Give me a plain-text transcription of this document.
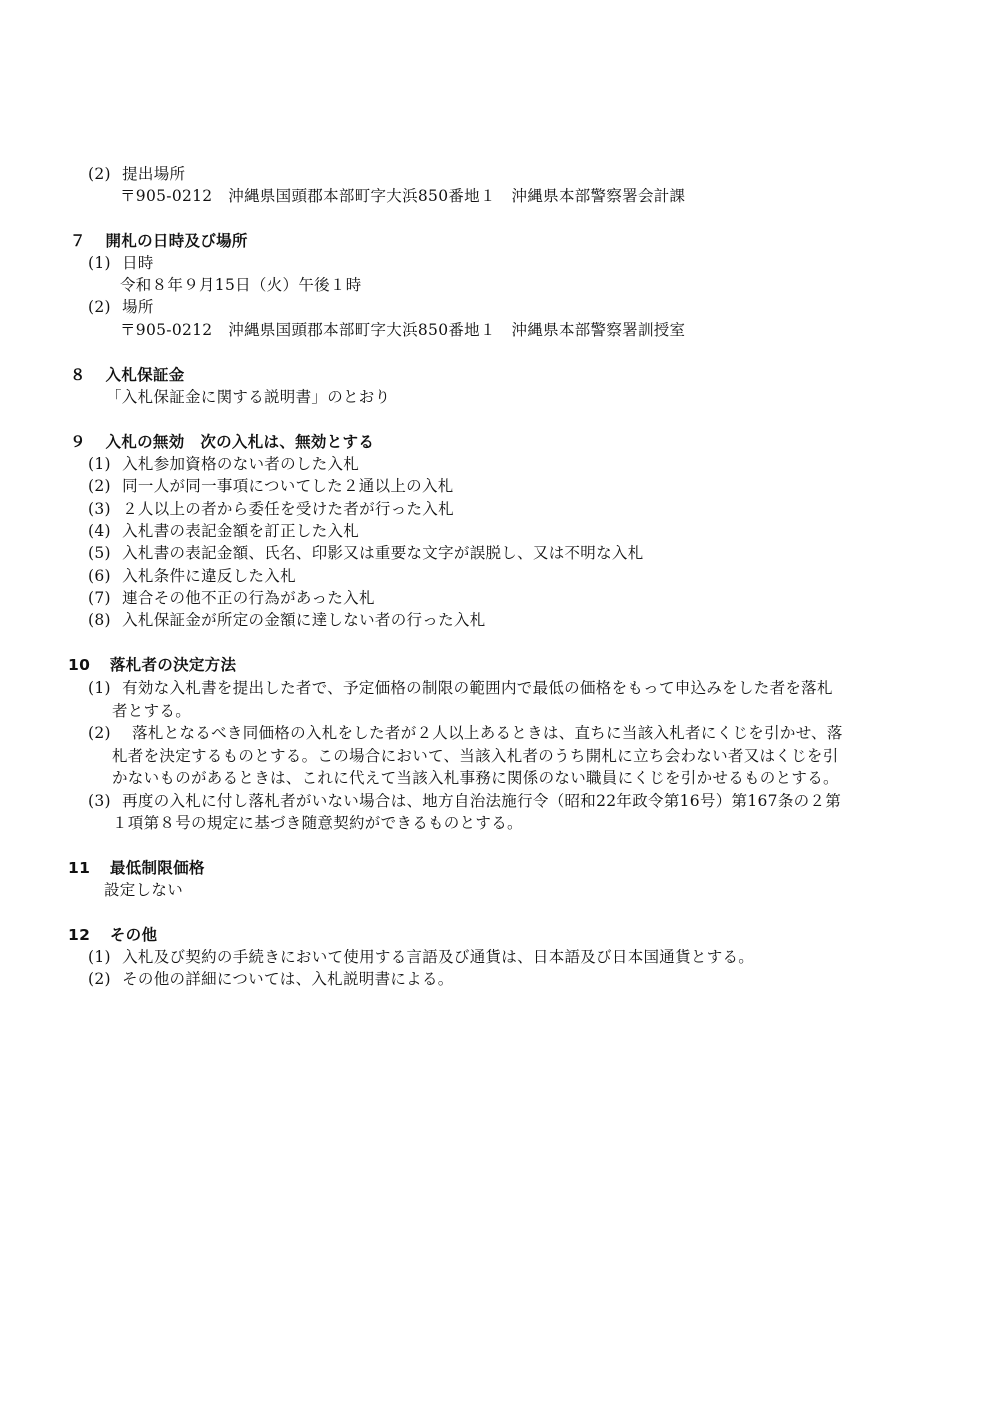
(2) 提出場所
〒905-0212　沖縄県国頭郡本部町字大浜850番地１　沖縄県本部警察署会計課
７ 開札の日時及び場所
(1) 日時
令和８年９月15日（火）午後１時
(2) 場所
〒905-0212　沖縄県国頭郡本部町字大浜850番地１　沖縄県本部警察署訓授室
８ 入札保証金
「入札保証金に関する説明書」のとおり
９ 入札の無効　次の入札は、無効とする
(1) 入札参加資格のない者のした入札
(2) 同一人が同一事項についてした２通以上の入札
(3) ２人以上の者から委任を受けた者が行った入札
(4) 入札書の表記金額を訂正した入札
(5) 入札書の表記金額、氏名、印影又は重要な文字が誤脱し、又は不明な入札
(6) 入札条件に違反した入札
(7) 連合その他不正の行為があった入札
(8) 入札保証金が所定の金額に達しない者の行った入札
10 落札者の決定方法
(1) 有効な入札書を提出した者で、予定価格の制限の範囲内で最低の価格をもって申込みをした者を落札
者とする。
(2) 落札となるべき同価格の入札をした者が２人以上あるときは、直ちに当該入札者にくじを引かせ、落
札者を決定するものとする。この場合において、当該入札者のうち開札に立ち会わない者又はくじを引
かないものがあるときは、これに代えて当該入札事務に関係のない職員にくじを引かせるものとする。
(3) 再度の入札に付し落札者がいない場合は、地方自治法施行令（昭和22年政令第16号）第167条の２第
１項第８号の規定に基づき随意契約ができるものとする。
11 最低制限価格
設定しない
12 その他
(1) 入札及び契約の手続きにおいて使用する言語及び通貨は、日本語及び日本国通貨とする。
(2) その他の詳細については、入札説明書による。
